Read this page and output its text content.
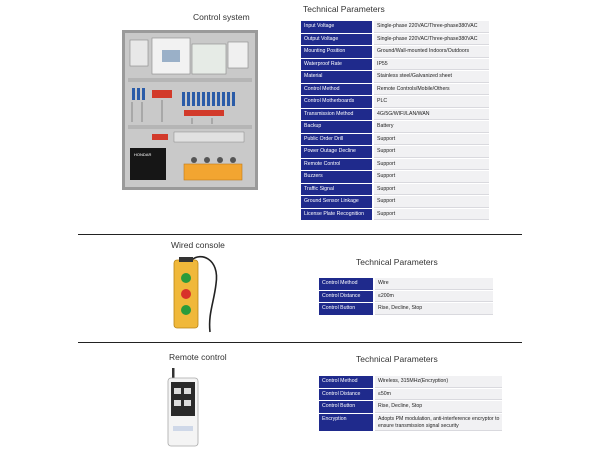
Control system
HONDAR
Technical Parameters
Input Voltage	Single-phase 220VAC/Three-phase380VAC
Output Voltage	Single-phase 220VAC/Three-phase380VAC
Mounting Position	Ground/Wall-mounted Indoors/Outdoors
Waterproof Rate	IP55
Material	Stainless steel/Galvanized sheet
Control Method	Remote Controls/Mobile/Others
Control Motherboards	PLC
Transmission Method	4G/5G/WIFI/LAN/WAN
Backup	Battery
Public Order Drill	Support
Power Outage Decline	Support
Remote Control	Support
Buzzers	Support
Traffic Signal	Support
Ground Sensor Linkage	Support
License Plate Recognition	Support
Wired console
Technical Parameters
Control Method	Wire
Control Distance	≤200m
Control Button	Rise, Decline, Stop
Remote control	Technical Parameters
Control Method	Wireless, 315MHz(Encryption)
Control Distance	≤50m
Control Button	Rise, Decline, Stop
Encryption	Adopts PM modulation, anti-interference encryptor to ensure transmission signal security
